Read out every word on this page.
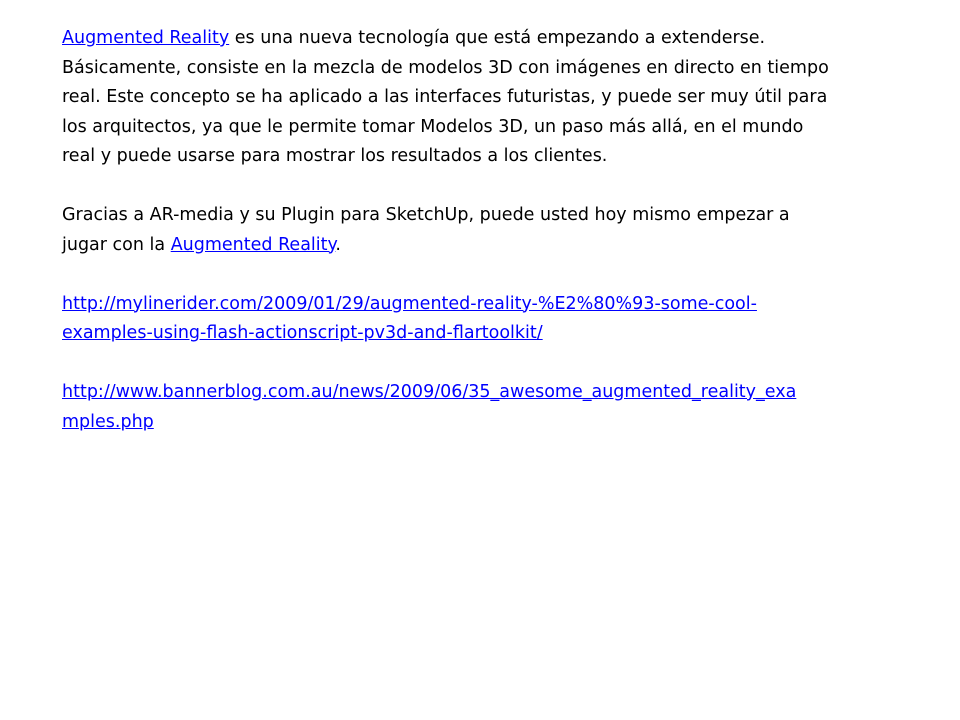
Augmented Reality es una nueva tecnología que está empezando a extenderse.
Básicamente, consiste en la mezcla de modelos 3D con imágenes en directo en tiempo
real. Este concepto se ha aplicado a las interfaces futuristas, y puede ser muy útil para
los arquitectos, ya que le permite tomar Modelos 3D, un paso más allá, en el mundo
real y puede usarse para mostrar los resultados a los clientes.

Gracias a AR-media y su Plugin para SketchUp, puede usted hoy mismo empezar a
jugar con la Augmented Reality.

http://mylinerider.com/2009/01/29/augmented-reality-%E2%80%93-some-cool-
examples-using-flash-actionscript-pv3d-and-flartoolkit/

http://www.bannerblog.com.au/news/2009/06/35_awesome_augmented_reality_exa
mples.php
